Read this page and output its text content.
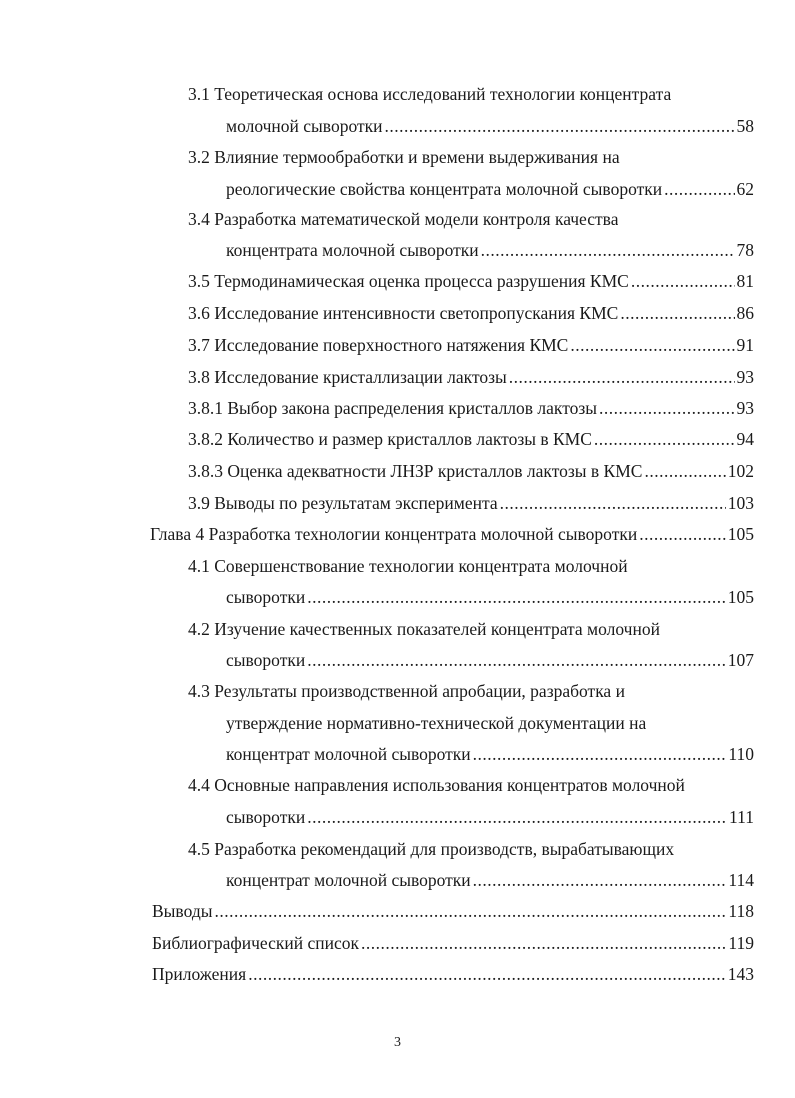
3.1 Теоретическая основа исследований технологии концентрата
молочной сыворотки .....	58
3.2 Влияние термообработки и времени выдерживания на
реологические свойства концентрата молочной сыворотки .....	62
3.4 Разработка математической модели контроля качества
концентрата молочной сыворотки .....	78
3.5 Термодинамическая оценка процесса разрушения КМС .....	81
3.6 Исследование интенсивности светопропускания КМС .....	86
3.7 Исследование поверхностного натяжения КМС .....	91
3.8 Исследование кристаллизации лактозы .....	93
3.8.1 Выбор закона распределения кристаллов лактозы .....	93
3.8.2 Количество и размер кристаллов лактозы в КМС .....	94
3.8.3 Оценка адекватности ЛНЗР кристаллов лактозы в КМС .....	102
3.9 Выводы по результатам эксперимента .....	103
Глава 4 Разработка технологии концентрата молочной сыворотки .....	105
4.1 Совершенствование технологии концентрата молочной
сыворотки .....	105
4.2 Изучение качественных показателей концентрата молочной
сыворотки .....	107
4.3 Результаты производственной апробации, разработка и
утверждение нормативно-технической документации на
концентрат молочной сыворотки .....	110
4.4 Основные направления использования концентратов молочной
сыворотки .....	111
4.5 Разработка рекомендаций для производств, вырабатывающих
концентрат молочной сыворотки .....	114
Выводы .....	118
Библиографический список .....	119
Приложения .....	143
3
